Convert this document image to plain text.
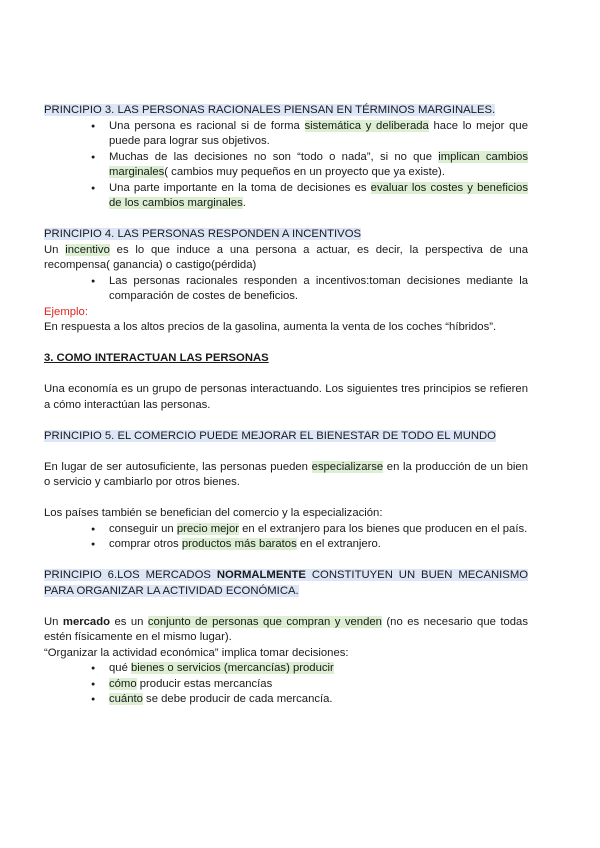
PRINCIPIO 3. LAS PERSONAS RACIONALES PIENSAN EN TÉRMINOS MARGINALES.

● Una persona es racional si de forma sistemática y deliberada hace lo mejor que puede para lograr sus objetivos.
● Muchas de las decisiones no son “todo o nada”, si no que implican cambios marginales( cambios muy pequeños en un proyecto que ya existe).
● Una parte importante en la toma de decisiones es evaluar los costes y beneficios de los cambios marginales.

PRINCIPIO 4. LAS PERSONAS RESPONDEN A INCENTIVOS

Un incentivo es lo que induce a una persona a actuar, es decir, la perspectiva de una recompensa( ganancia) o castigo(pérdida)

● Las personas racionales responden a incentivos:toman decisiones mediante la comparación de costes de beneficios.

Ejemplo:

En respuesta a los altos precios de la gasolina, aumenta la venta de los coches “híbridos”.

3. COMO INTERACTUAN LAS PERSONAS

Una economía es un grupo de personas interactuando. Los siguientes tres principios se refieren a cómo interactúan las personas.

PRINCIPIO 5. EL COMERCIO PUEDE MEJORAR EL BIENESTAR DE TODO EL MUNDO

En lugar de ser autosuficiente, las personas pueden especializarse en la producción de un bien o servicio y cambiarlo por otros bienes.

Los países también se benefician del comercio y la especialización:

● conseguir un precio mejor en el extranjero para los bienes que producen en el país.
● comprar otros productos más baratos en el extranjero.

PRINCIPIO 6.LOS MERCADOS NORMALMENTE CONSTITUYEN UN BUEN MECANISMO PARA ORGANIZAR LA ACTIVIDAD ECONÓMICA.

Un mercado es un conjunto de personas que compran y venden (no es necesario que todas estén físicamente en el mismo lugar).

“Organizar la actividad económica” implica tomar decisiones:

● qué bienes o servicios (mercancías) producir
● cómo producir estas mercancías
● cuánto se debe producir de cada mercancía.
